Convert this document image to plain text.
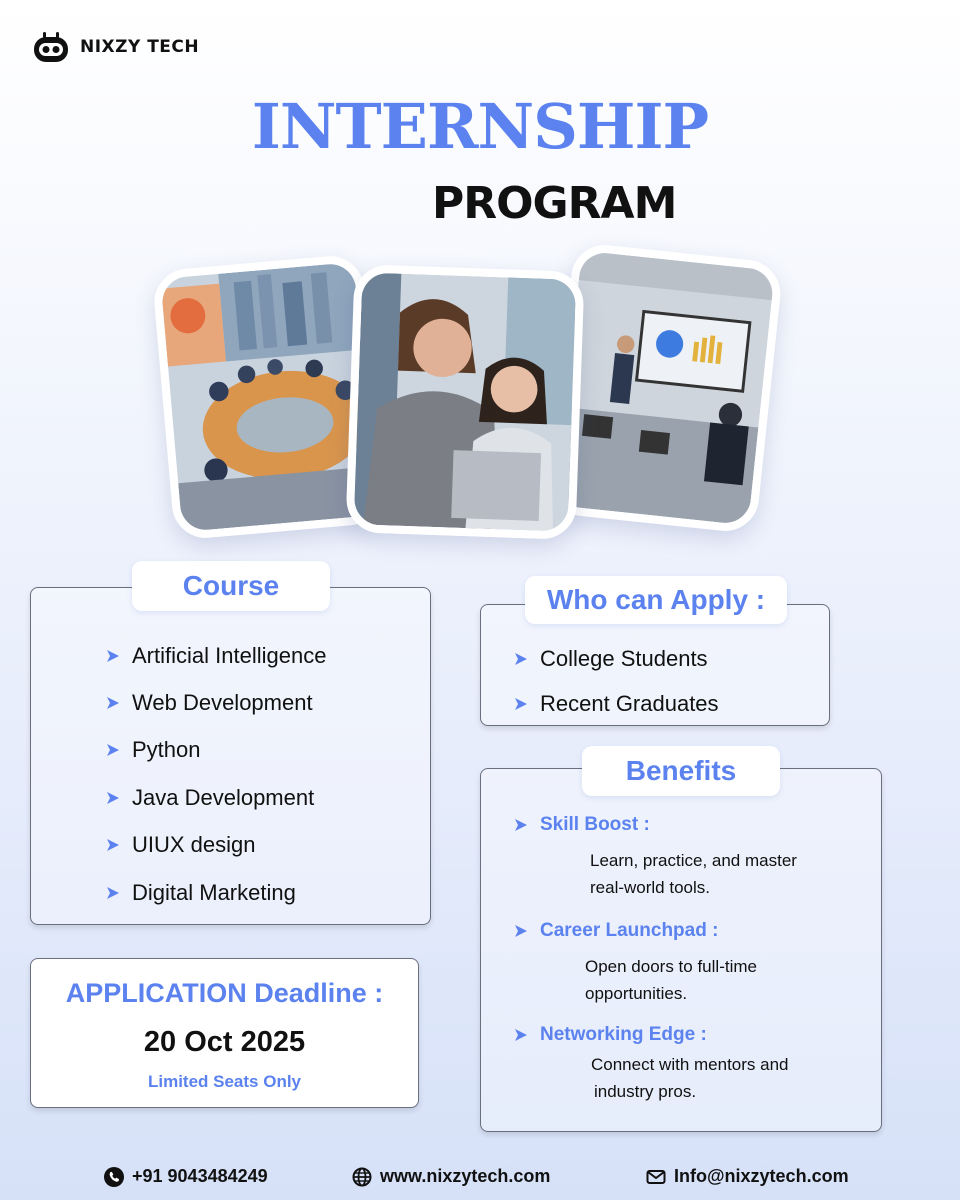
NIXZY TECH
INTERNSHIP
PROGRAM
Course
Artificial Intelligence
Web Development
Python
Java Development
UIUX design
Digital Marketing
Who can Apply :
College Students
Recent Graduates
Benefits
Skill Boost :
Learn, practice, and master
real-world tools.
Career Launchpad :
Open doors to full-time
opportunities.
Networking Edge :
Connect with mentors and
industry pros.
APPLICATION Deadline :
20 Oct 2025
Limited Seats Only
+91 9043484249	www.nixzytech.com	Info@nixzytech.com
